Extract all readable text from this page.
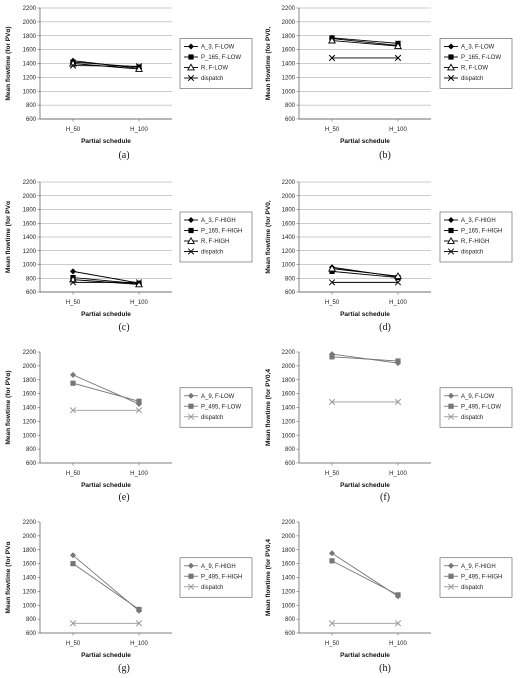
600
800
1000
1200
1400
1600
1800
2000
2200
H_50	H_100
Partial schedule
Mean flowtime (for PVα)	A_3, F-LOW
P_165, F-LOW
R, F-LOW
dispatch
(a)
600
800
1000
1200
1400
1600
1800
2000
2200
H_50	H_100
Partial schedule
Mean flowtime (for PV0,	A_3, F-LOW
P_165, F-LOW
R, F-LOW
dispatch
(b)
600
800
1000
1200
1400
1600
1800
2000
2200
H_50	H_100
Partial schedule
Mean flowtime (for PVα	A_3, F-HIGH
P_165, F-HIGH
R, F-HIGH
dispatch
(c)
600
800
1000
1200
1400
1600
1800
2000
2200
H_50	H_100
Partial schedule
Mean flowtime (for PV0,	A_3, F-HIGH
P_165, F-HIGH
R, F-HIGH
dispatch
(d)
600
800
1000
1200
1400
1600
1800
2000
2200
H_50	H_100
Partial schedule
Mean flowtime (for PVα)	A_9, F-LOW
P_495, F-LOW
dispatch
(e)
600
800
1000
1200
1400
1600
1800
2000
2200
H_50	H_100
Partial schedule
Mean flowtime (for PV0,4	A_9, F-LOW
P_495, F-LOW
dispatch
(f)
600
800
1000
1200
1400
1600
1800
2000
2200
H_50	H_100
Partial schedule
Mean flowtime (for PVα	A_9, F-HIGH
P_495, F-HIGH
dispatch
(g)
600
800
1000
1200
1400
1600
1800
2000
2200
H_50	H_100
Partial schedule
Mean flowtime (for PV0,4	A_9, F-HIGH
P_495, F-HIGH
dispatch
(h)
